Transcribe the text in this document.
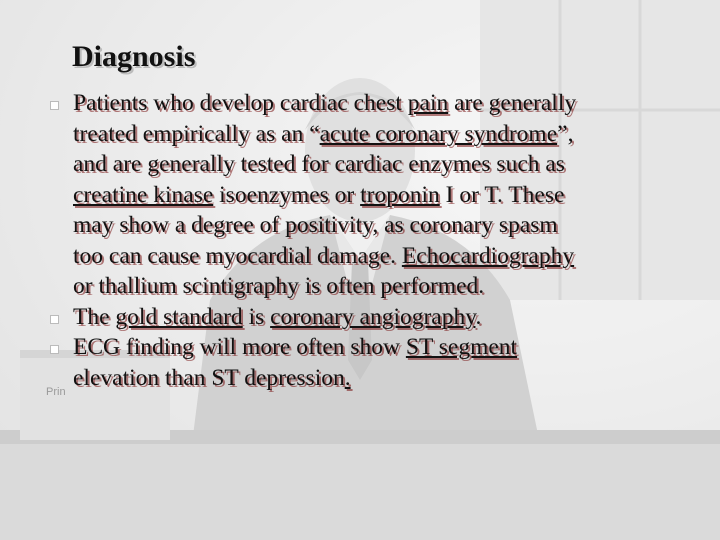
Prin
Diagnosis
Patients who develop cardiac chest pain are generally
treated empirically as an “acute coronary syndrome”,
and are generally tested for cardiac enzymes such as
creatine kinase isoenzymes or troponin I or T. These
may show a degree of positivity, as coronary spasm
too can cause myocardial damage. Echocardiography
or thallium scintigraphy is often performed.
The gold standard is coronary angiography.
ECG finding will more often show ST segment
elevation than ST depression.
